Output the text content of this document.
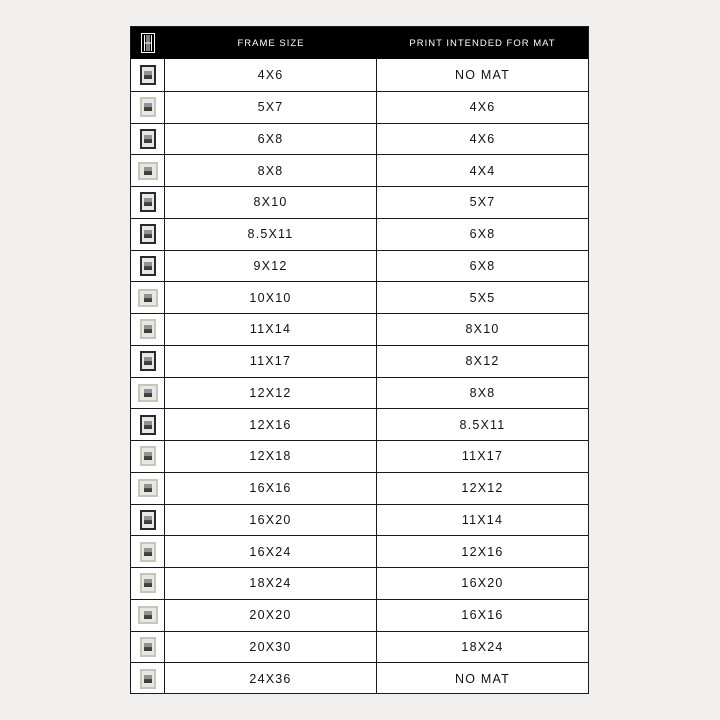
FRAME SIZE	PRINT INTENDED FOR MAT
4X6	NO MAT
5X7	4X6
6X8	4X6
8X8	4X4
8X10	5X7
8.5X11	6X8
9X12	6X8
10X10	5X5
11X14	8X10
11X17	8X12
12X12	8X8
12X16	8.5X11
12X18	11X17
16X16	12X12
16X20	11X14
16X24	12X16
18X24	16X20
20X20	16X16
20X30	18X24
24X36	NO MAT
